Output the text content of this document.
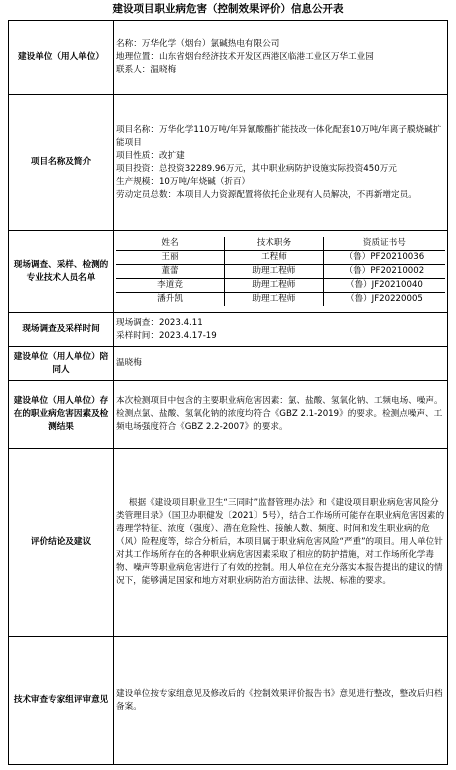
建设项目职业病危害（控制效果评价）信息公开表
建设单位（用人单位）	
名称：万华化学（烟台）氯碱热电有限公司
地理位置：山东省烟台经济技术开发区西港区临港工业区万华工业园
联系人：温晓梅

项目名称及简介	
项目名称：万华化学110万吨/年异氰酸酯扩能技改一体化配套10万吨/年离子膜烧碱扩能项目
项目性质：改扩建
项目投资：总投资32289.96万元，其中职业病防护设施实际投资450万元
生产规模：10万吨/年烧碱（折百）
劳动定员总数：本项目人力资源配置将依托企业现有人员解决，不再新增定员。

现场调查、采样、检测的专业技术人员名单	
姓名	技术职务	资质证书号
王丽	工程师	（鲁）PF20210036
董蕾	助理工程师	（鲁）PF20210002
李道竞	助理工程师	（鲁）JF20210040
潘升凯	助理工程师	（鲁）JF20220005

现场调查及采样时间	
现场调查：2023.4.11
采样时间：2023.4.17-19

建设单位（用人单位）陪同人	温晓梅
建设单位（用人单位）存在的职业病危害因素及检测结果	本次检测项目中包含的主要职业病危害因素：氯、盐酸、氢氧化钠、工频电场、噪声。检测点氯、盐酸、氢氧化钠的浓度均符合《GBZ 2.1-2019》的要求。检测点噪声、工频电场强度符合《GBZ 2.2-2007》的要求。
评价结论及建议	根据《建设项目职业卫生“三同时”监督管理办法》和《建设项目职业病危害风险分类管理目录》（国卫办职健发〔2021〕5号），结合工作场所可能存在职业病危害因素的毒理学特征、浓度（强度）、潜在危险性、接触人数、频度、时间和发生职业病的危（风）险程度等，综合分析后，本项目属于职业病危害风险“严重”的项目。用人单位针对其工作场所存在的各种职业病危害因素采取了相应的防护措施，对工作场所化学毒物、噪声等职业病危害进行了有效的控制。用人单位在充分落实本报告提出的建议的情况下，能够满足国家和地方对职业病防治方面法律、法规、标准的要求。
技术审查专家组评审意见	建设单位按专家组意见及修改后的《控制效果评价报告书》意见进行整改，整改后归档备案。
